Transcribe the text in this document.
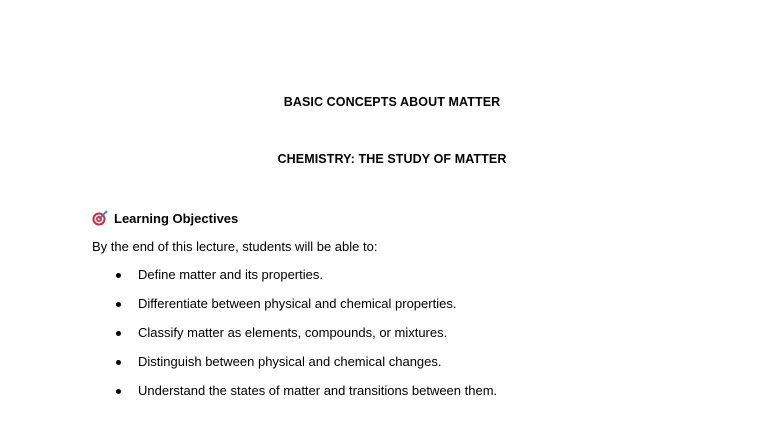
BASIC CONCEPTS ABOUT MATTER
CHEMISTRY: THE STUDY OF MATTER
Learning Objectives
By the end of this lecture, students will be able to:
Define matter and its properties.
Differentiate between physical and chemical properties.
Classify matter as elements, compounds, or mixtures.
Distinguish between physical and chemical changes.
Understand the states of matter and transitions between them.
